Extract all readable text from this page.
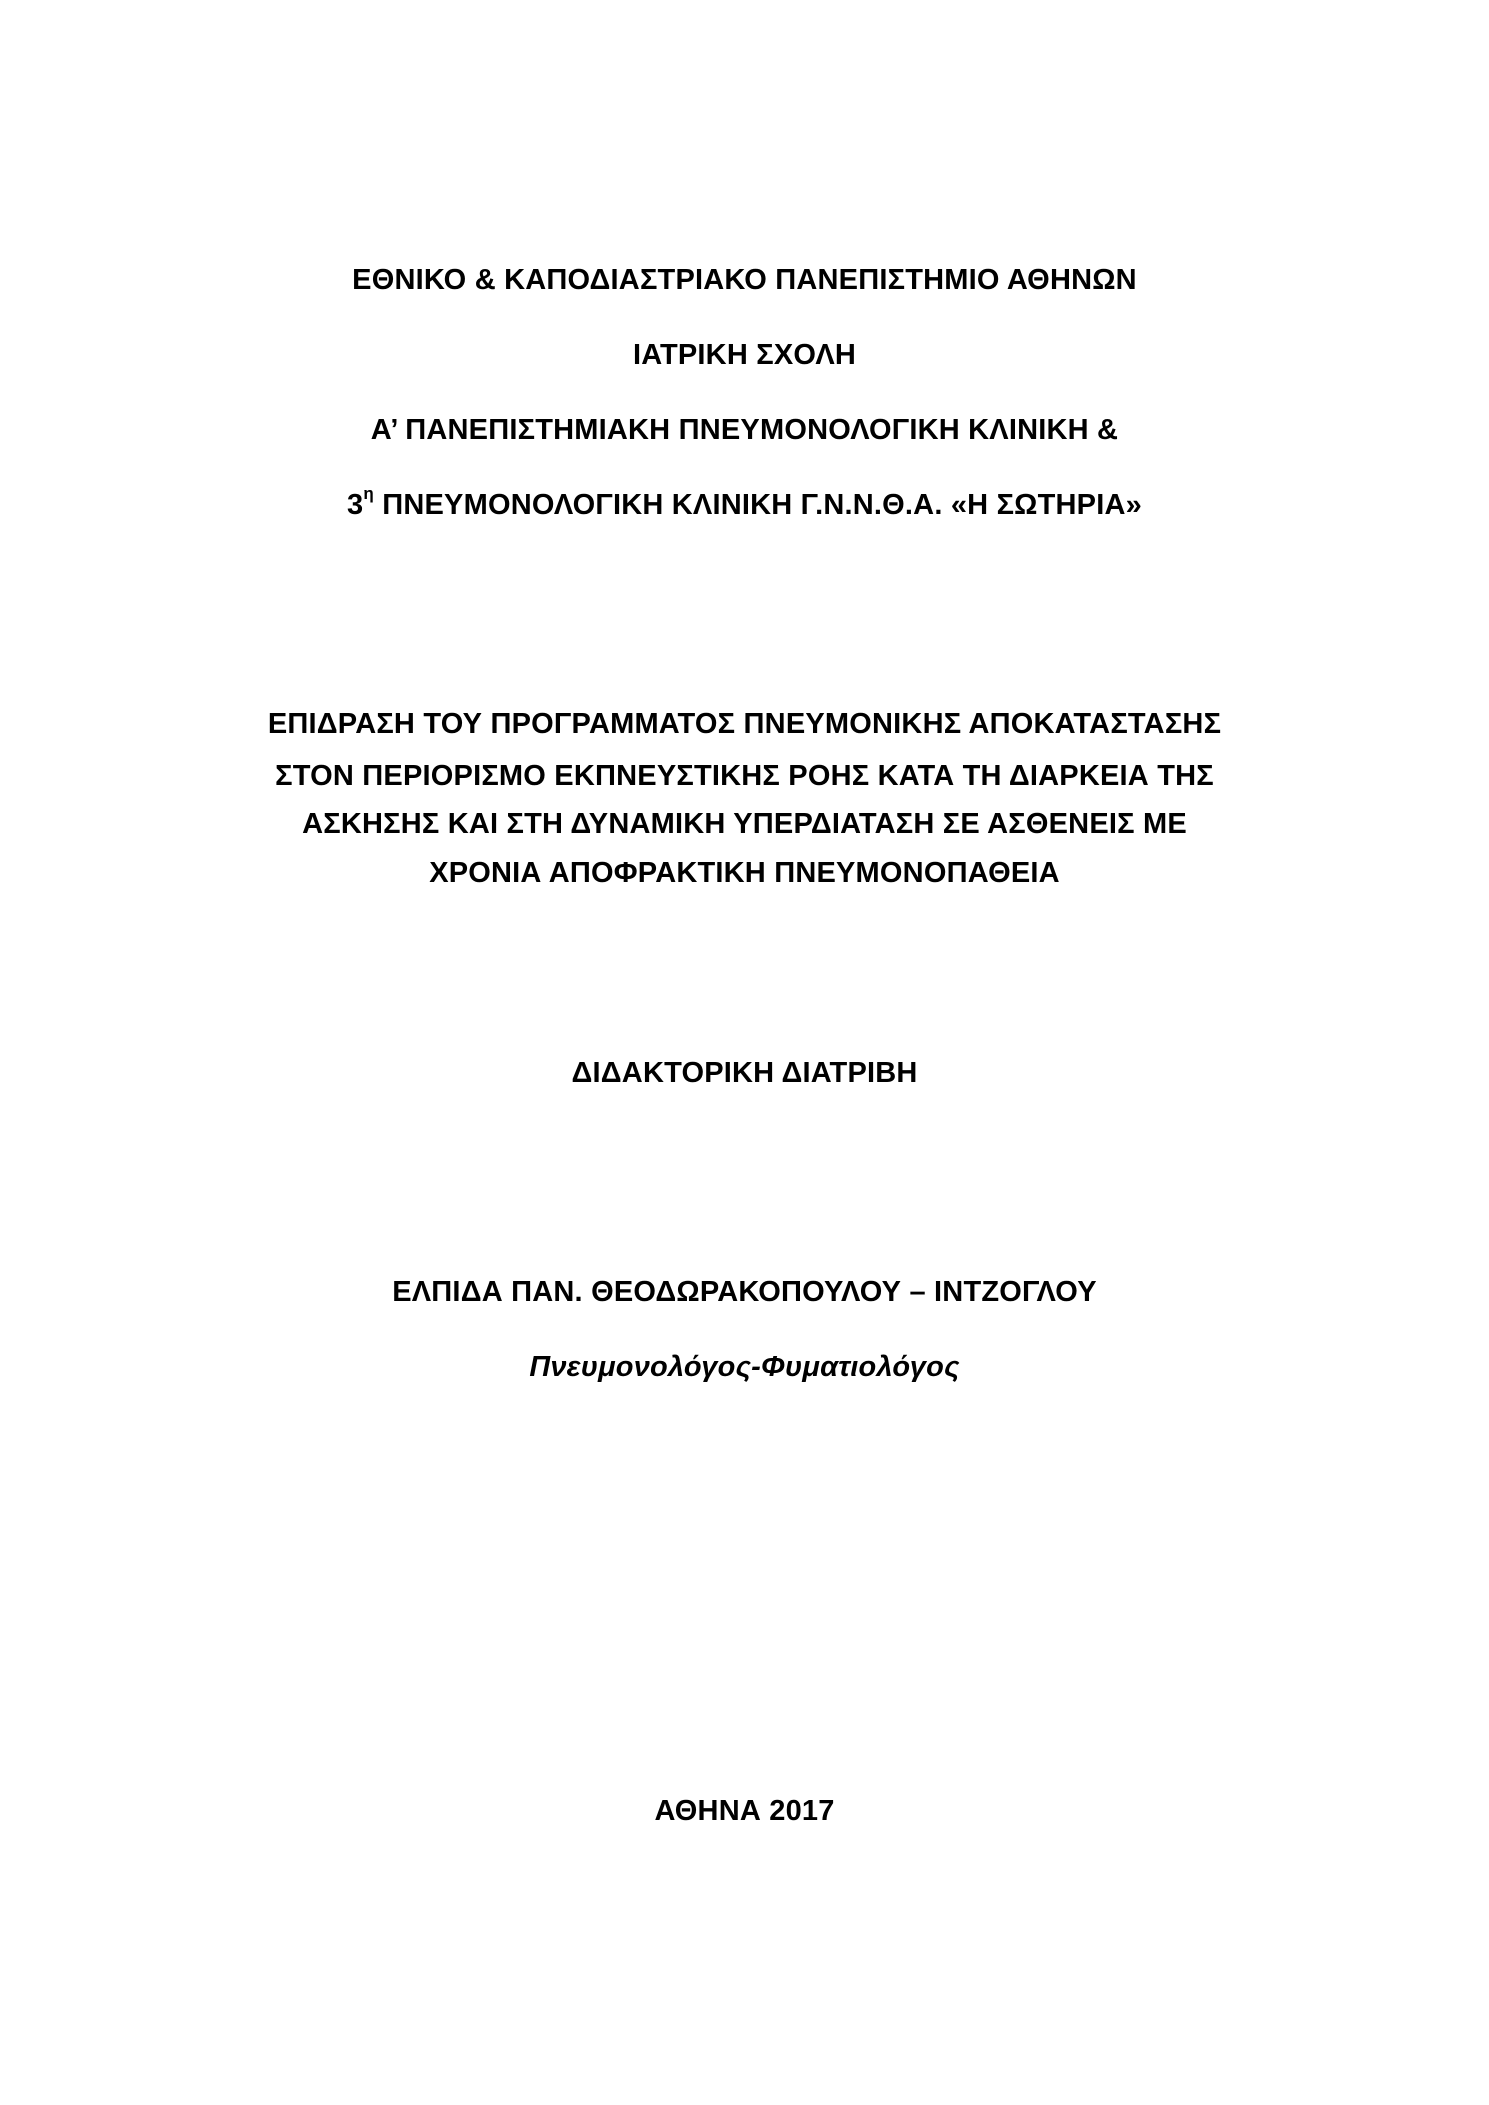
ΕΘΝΙΚΟ & ΚΑΠΟΔΙΑΣΤΡΙΑΚΟ ΠΑΝΕΠΙΣΤΗΜΙΟ ΑΘΗΝΩΝ
ΙΑΤΡΙΚΗ ΣΧΟΛΗ
Α’ ΠΑΝΕΠΙΣΤΗΜΙΑΚΗ ΠΝΕΥΜΟΝΟΛΟΓΙΚΗ ΚΛΙΝΙΚΗ &
$3^\eta$ ΠΝΕΥΜΟΝΟΛΟΓΙΚΗ ΚΛΙΝΙΚΗ Γ.Ν.Ν.Θ.Α. «Η ΣΩΤΗΡΙΑ»
ΕΠΙΔΡΑΣΗ ΤΟΥ ΠΡΟΓΡΑΜΜΑΤΟΣ ΠΝΕΥΜΟΝΙΚΗΣ ΑΠΟΚΑΤΑΣΤΑΣΗΣ
ΣΤΟΝ ΠΕΡΙΟΡΙΣΜΟ ΕΚΠΝΕΥΣΤΙΚΗΣ ΡΟΗΣ ΚΑΤΑ ΤΗ ΔΙΑΡΚΕΙΑ ΤΗΣ
ΑΣΚΗΣΗΣ ΚΑΙ ΣΤΗ ΔΥΝΑΜΙΚΗ ΥΠΕΡΔΙΑΤΑΣΗ ΣΕ ΑΣΘΕΝΕΙΣ ΜΕ
ΧΡΟΝΙΑ ΑΠΟΦΡΑΚΤΙΚΗ ΠΝΕΥΜΟΝΟΠΑΘΕΙΑ
ΔΙΔΑΚΤΟΡΙΚΗ ΔΙΑΤΡΙΒΗ
ΕΛΠΙΔΑ ΠΑΝ. ΘΕΟΔΩΡΑΚΟΠΟΥΛΟΥ – ΙΝΤΖΟΓΛΟΥ
Πνευμονολόγος-Φυματιολόγος
ΑΘΗΝΑ 2017
